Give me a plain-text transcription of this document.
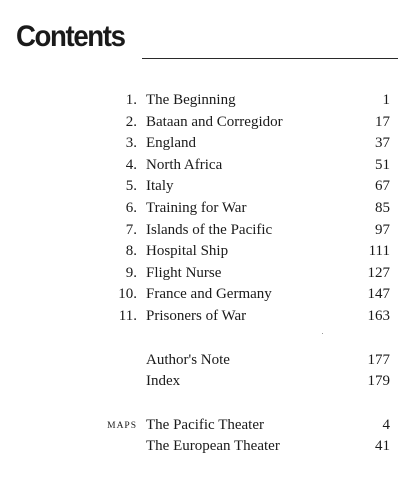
Contents
1. The Beginning	1
2. Bataan and Corregidor	17
3. England	37
4. North Africa	51
5. Italy	67
6. Training for War	85
7. Islands of the Pacific	97
8. Hospital Ship	111
9. Flight Nurse	127
10. France and Germany	147
11. Prisoners of War	163
Author's Note	177
Index	179
MAPS The Pacific Theater	4
The European Theater	41
